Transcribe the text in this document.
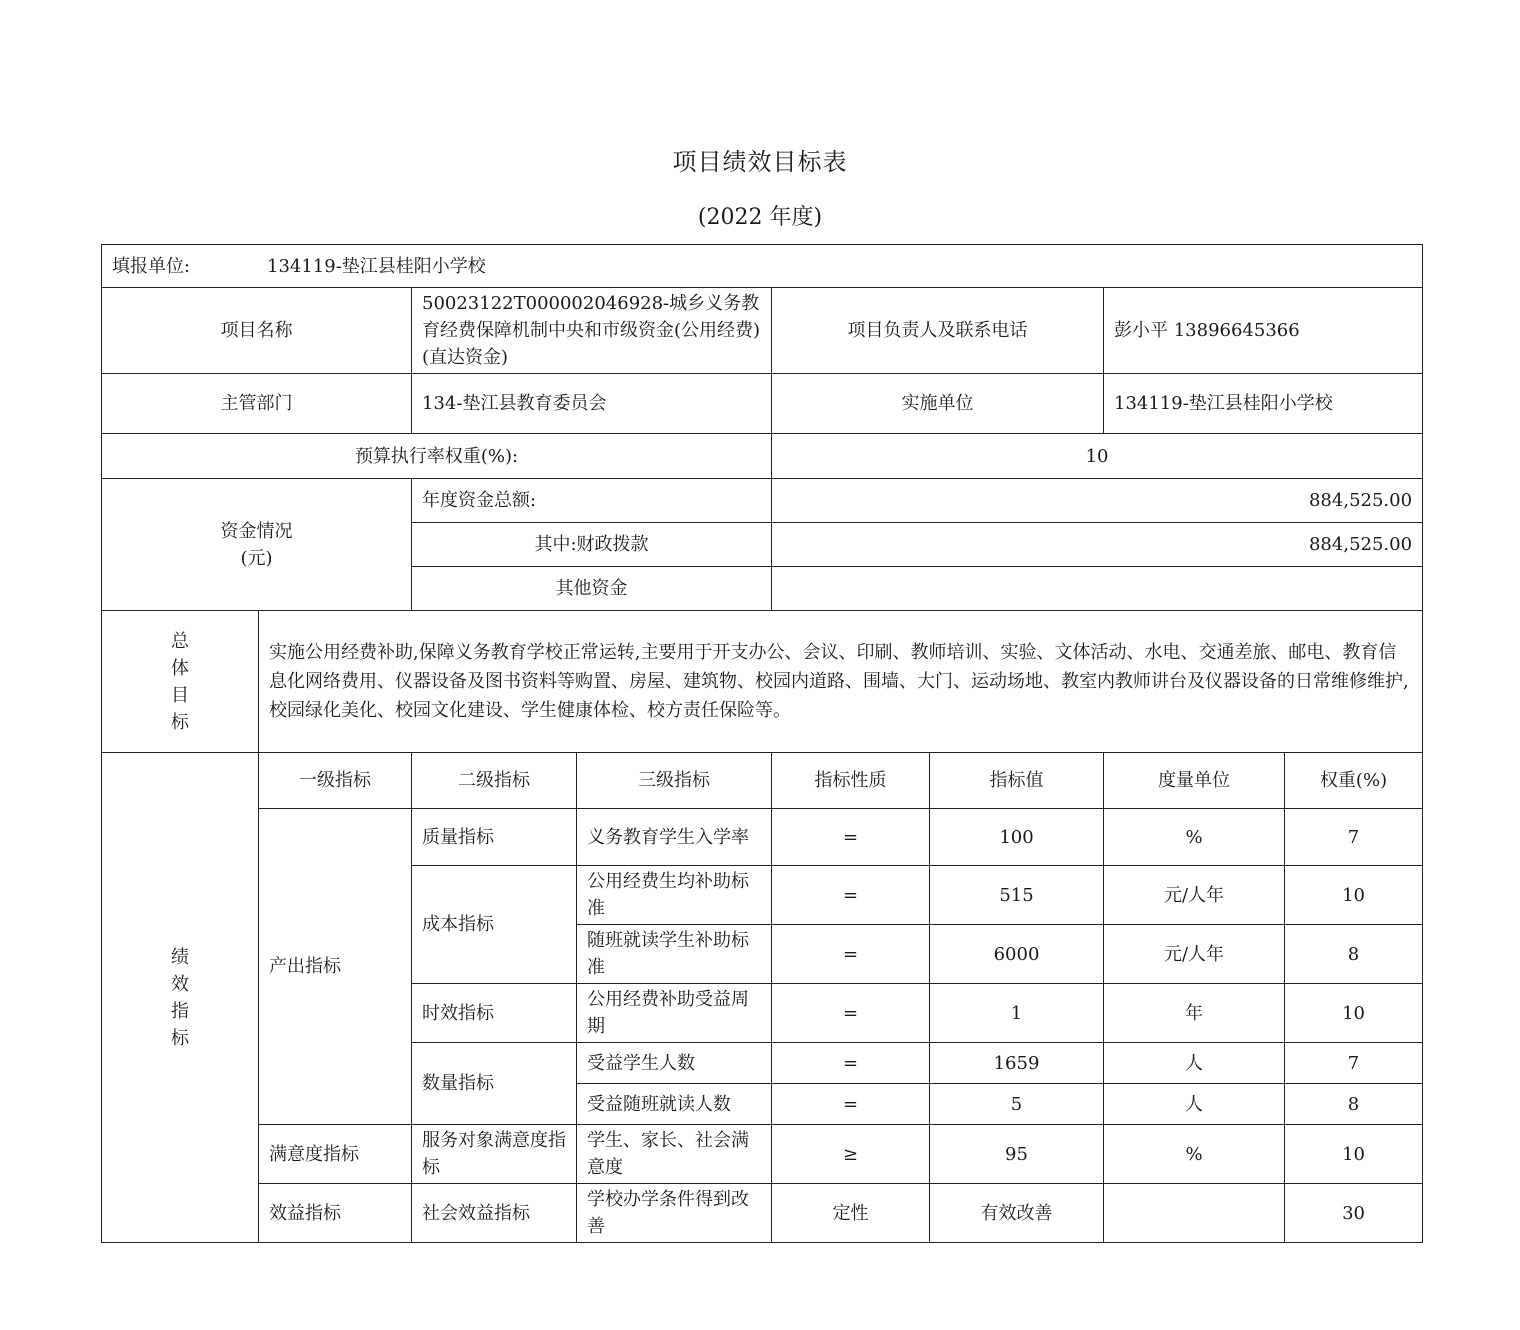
项目绩效目标表
(2022 年度)
填报单位: 134119-垫江县桂阳小学校							
项目名称		50023122T000002046928-城乡义务教育经费保障机制中央和市级资金(公用经费)(直达资金)		项目负责人及联系电话		彭小平 13896645366	
主管部门		134-垫江县教育委员会		实施单位		134119-垫江县桂阳小学校	
预算执行率权重(%):				10			

资金情况
(元)		年度资金总额:		884,525.00			
		其中:财政拨款		884,525.00			
		其他资金					

总
体
目
标	实施公用经费补助,保障义务教育学校正常运转,主要用于开支办公、会议、印刷、教师培训、实验、文体活动、水电、交通差旅、邮电、教育信息化网络费用、仪器设备及图书资料等购置、房屋、建筑物、校园内道路、围墙、大门、运动场地、教室内教师讲台及仪器设备的日常维修维护,校园绿化美化、校园文化建设、学生健康体检、校方责任保险等。						

绩
效
指
标	一级指标	二级指标	三级指标	指标性质	指标值	度量单位	权重(%)
	产出指标	质量指标	义务教育学生入学率	=	100	%	7
		成本指标	公用经费生均补助标准	=	515	元/人年	10
			随班就读学生补助标准	=	6000	元/人年	8
		时效指标	公用经费补助受益周期	=	1	年	10
		数量指标	受益学生人数	=	1659	人	7
			受益随班就读人数	=	5	人	8
	满意度指标	服务对象满意度指标	学生、家长、社会满意度	≥	95	%	10
	效益指标	社会效益指标	学校办学条件得到改善	定性	有效改善		30
